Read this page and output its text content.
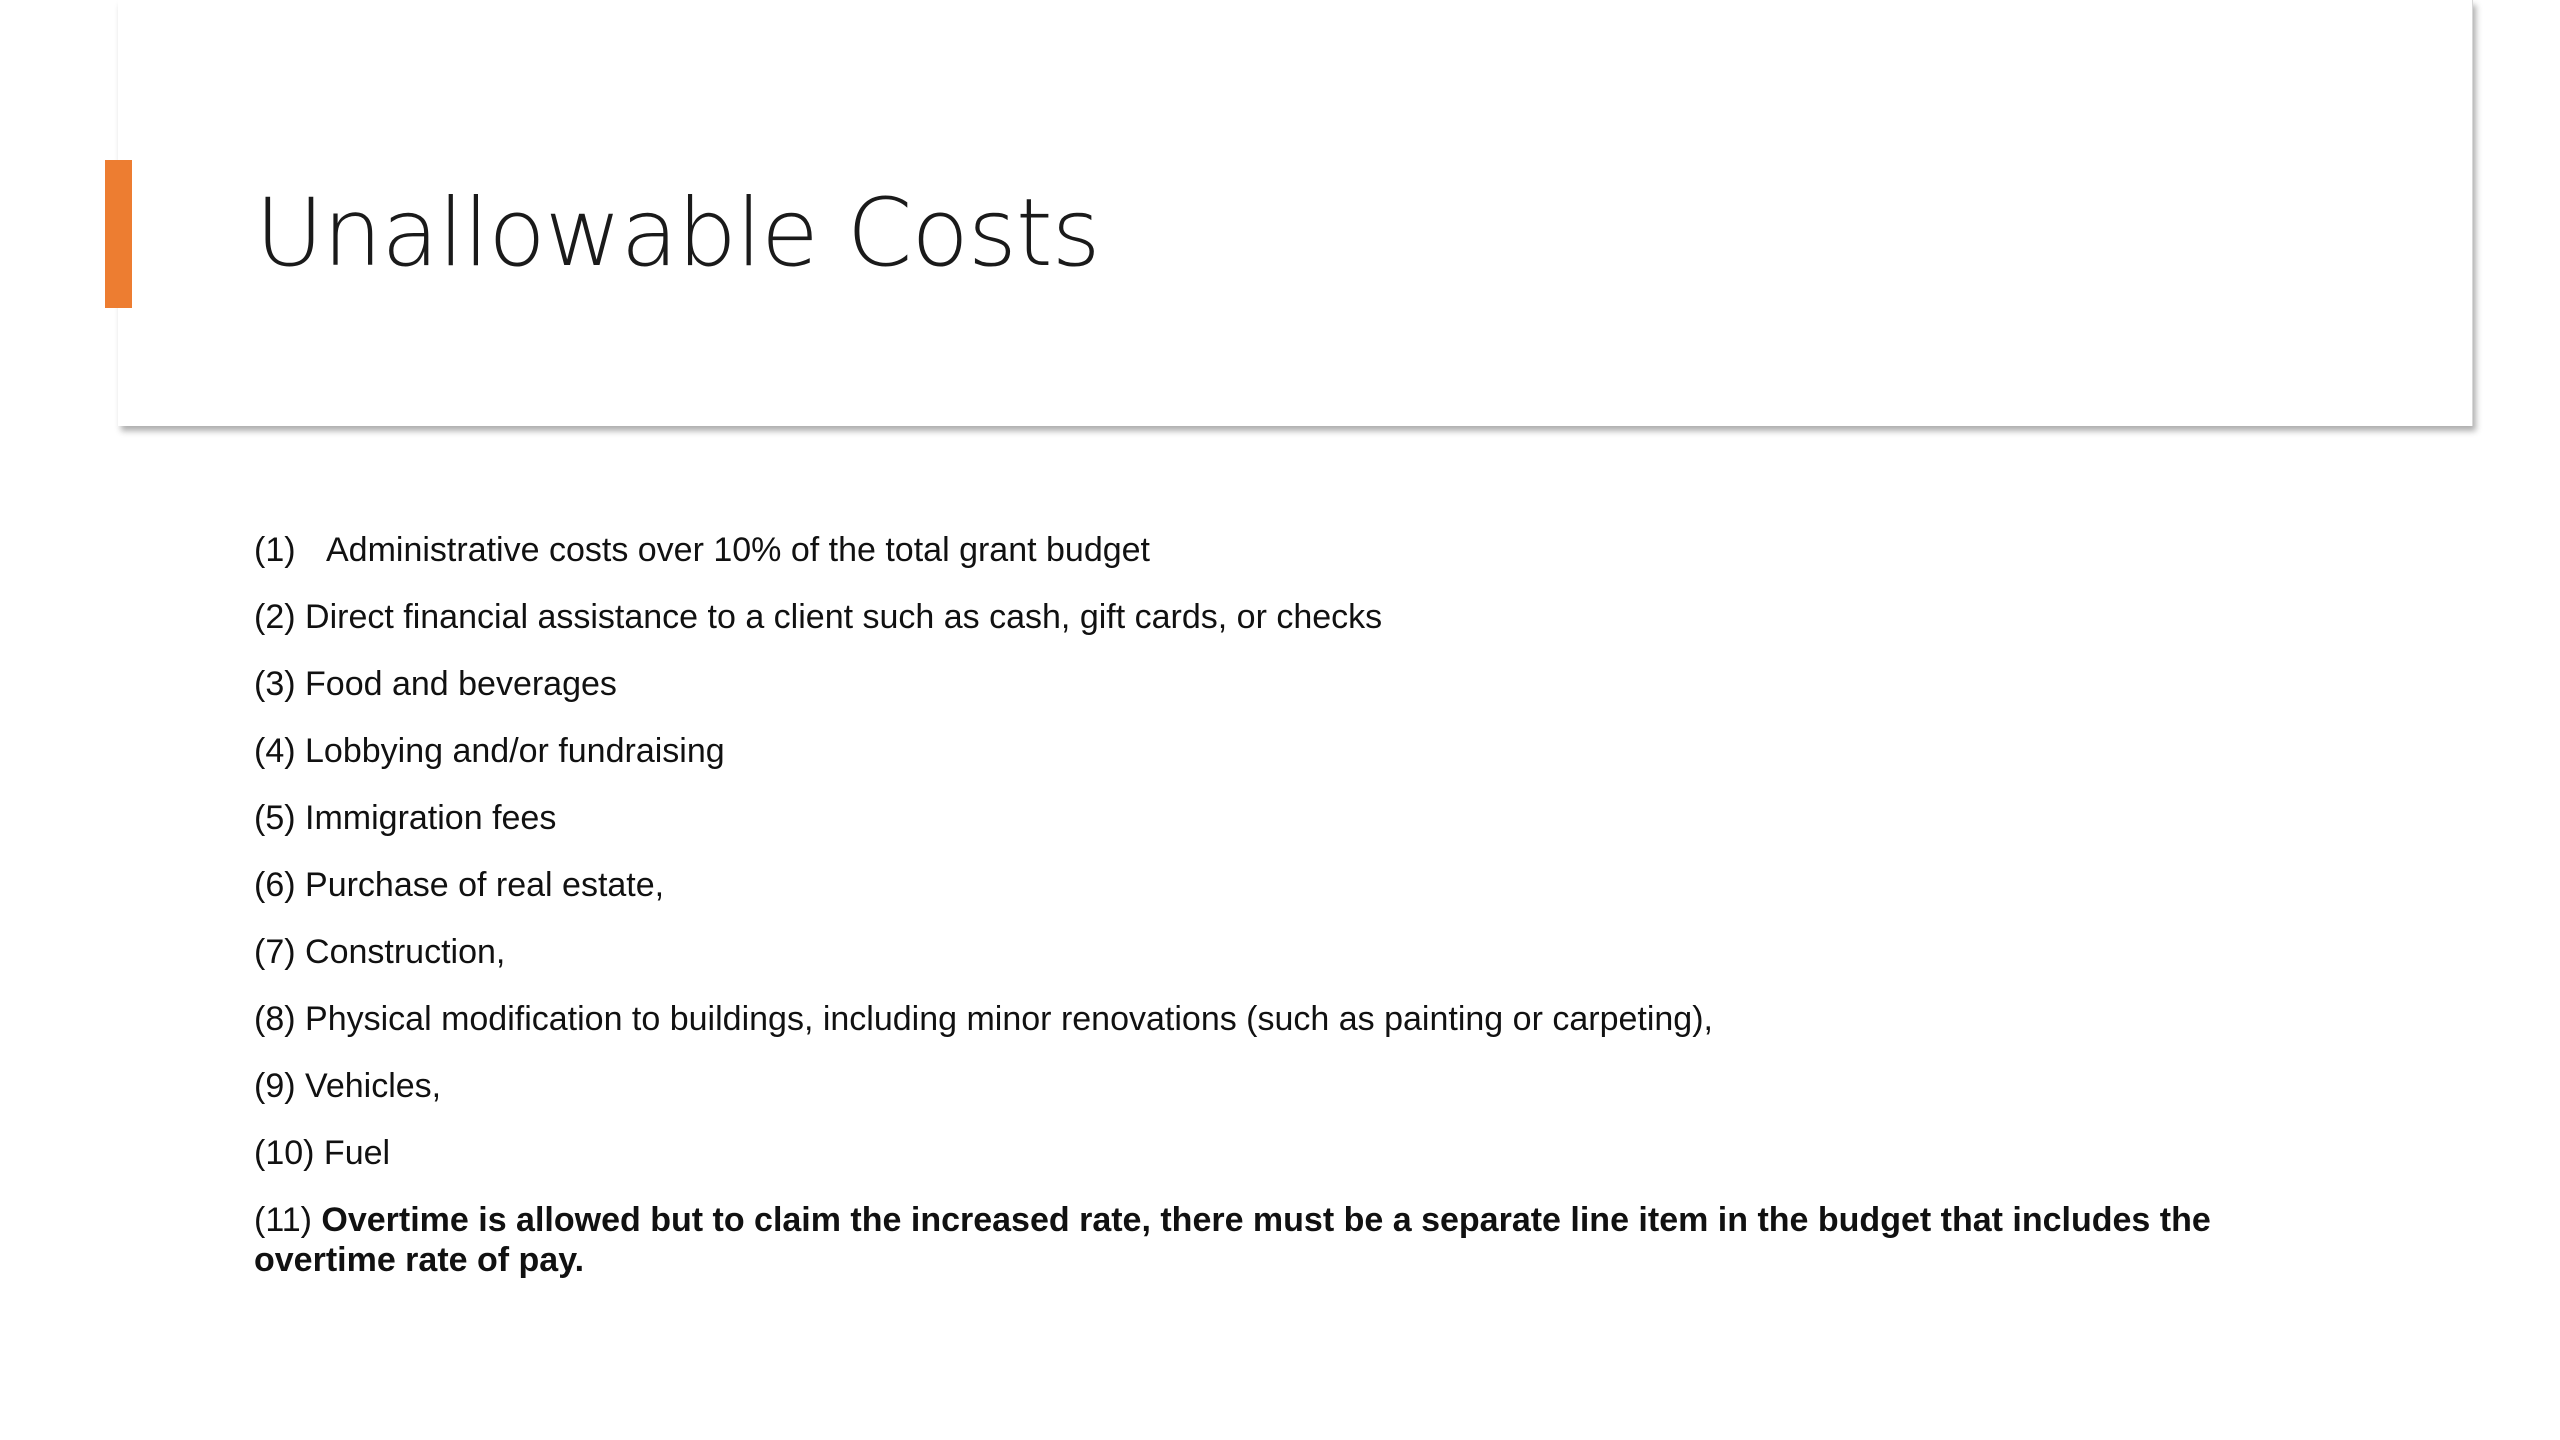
Unallowable Costs
(1) Administrative costs over 10% of the total grant budget
(2) Direct financial assistance to a client such as cash, gift cards, or checks
(3) Food and beverages
(4) Lobbying and/or fundraising
(5) Immigration fees
(6) Purchase of real estate,
(7) Construction,
(8) Physical modification to buildings, including minor renovations (such as painting or carpeting),
(9) Vehicles,
(10) Fuel
(11) Overtime is allowed but to claim the increased rate, there must be a separate line item in the budget that includes the overtime rate of pay.
